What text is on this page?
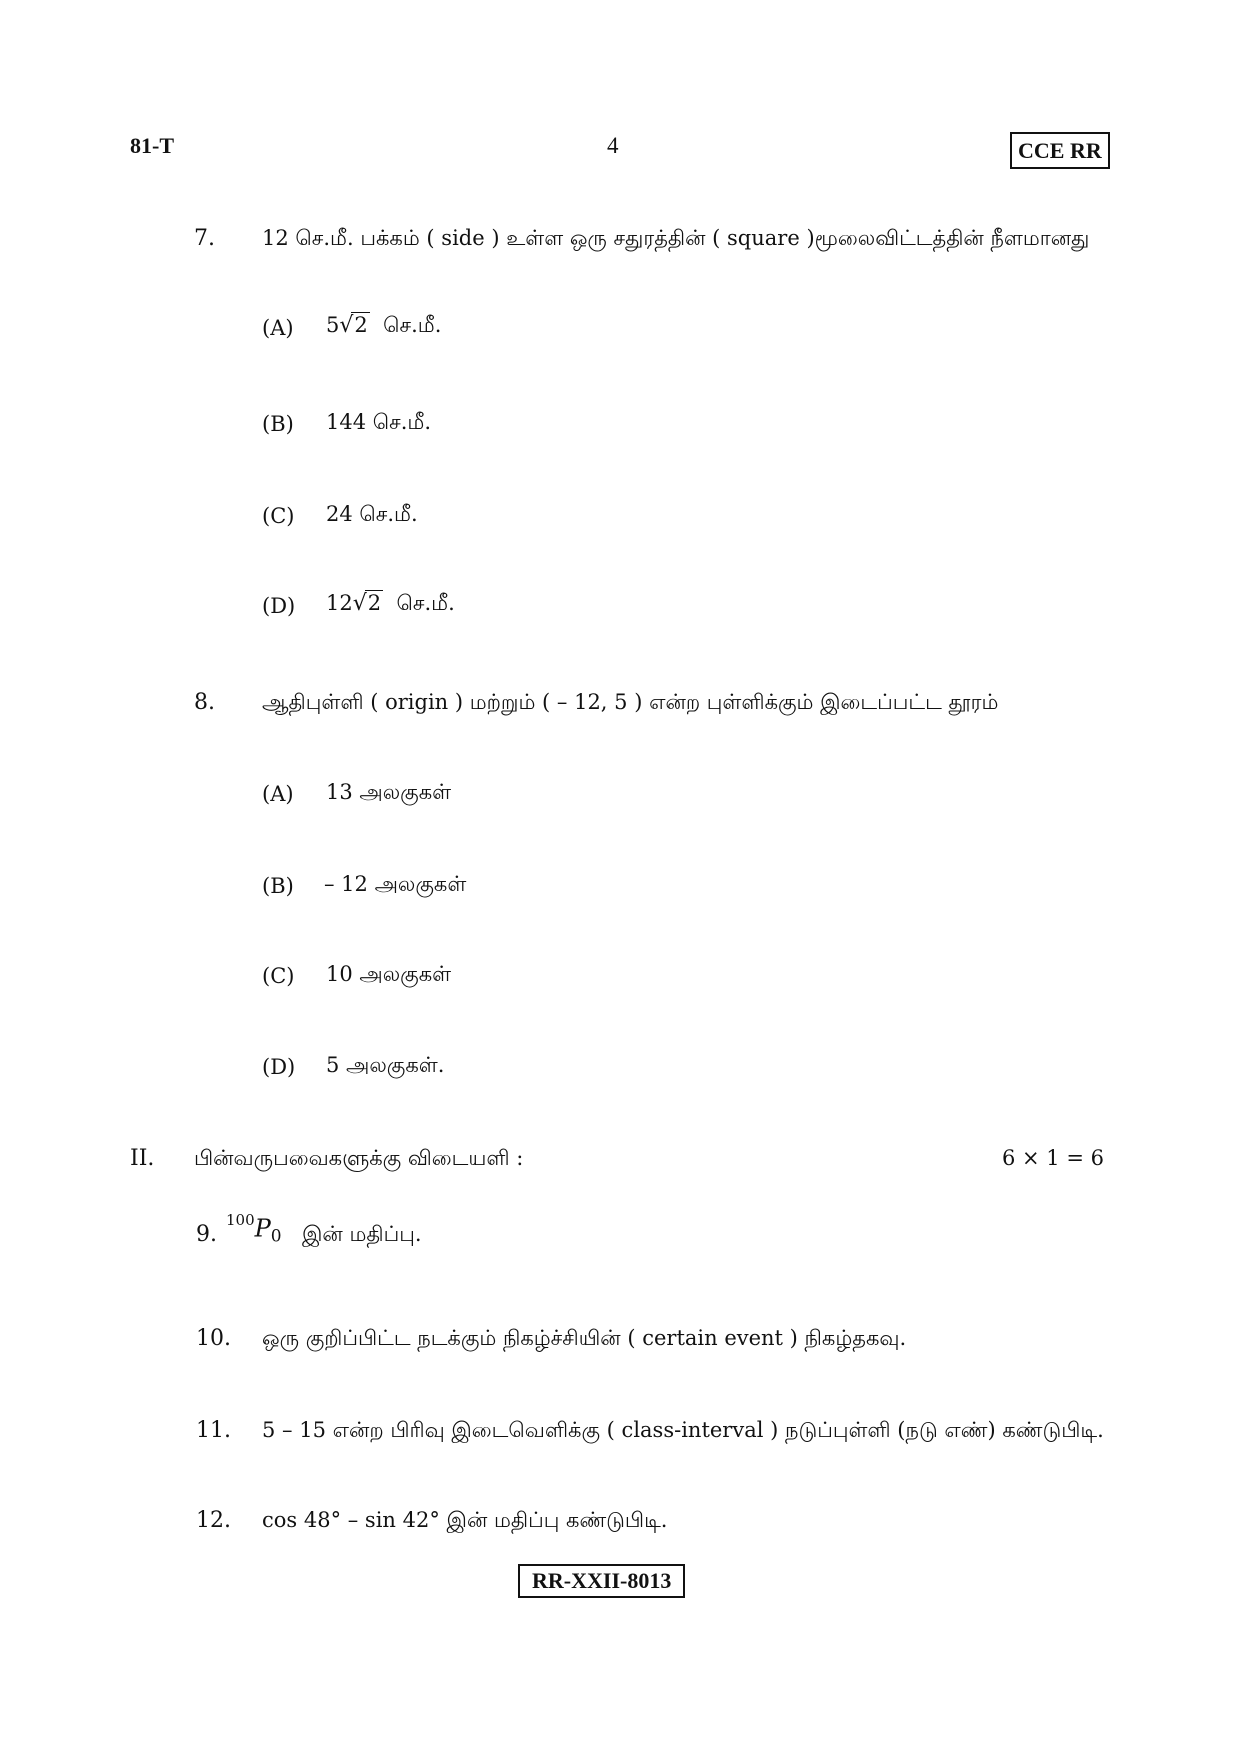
81-T	4	CCE RR
7. 12 செ.மீ. பக்கம் ( side ) உள்ள ஒரு சதுரத்தின் ( square )மூலைவிட்டத்தின் நீளமானது
(A) 5√2 செ.மீ.
(B) 144 செ.மீ.
(C) 24 செ.மீ.
(D) 12√2 செ.மீ.
8. ஆதிபுள்ளி ( origin ) மற்றும் ( – 12, 5 ) என்ற புள்ளிக்கும் இடைப்பட்ட தூரம்
(A) 13 அலகுகள்
(B) – 12 அலகுகள்
(C) 10 அலகுகள்
(D) 5 அலகுகள்.
II. பின்வருபவைகளுக்கு விடையளி :	6 × 1 = 6
9.
$^{100}P_0$ இன் மதிப்பு.
10. ஒரு குறிப்பிட்ட நடக்கும் நிகழ்ச்சியின் ( certain event ) நிகழ்தகவு.
11. 5 – 15 என்ற பிரிவு இடைவெளிக்கு ( class-interval ) நடுப்புள்ளி (நடு எண்) கண்டுபிடி.
12. cos 48° – sin 42° இன் மதிப்பு கண்டுபிடி.
RR-XXII-8013
